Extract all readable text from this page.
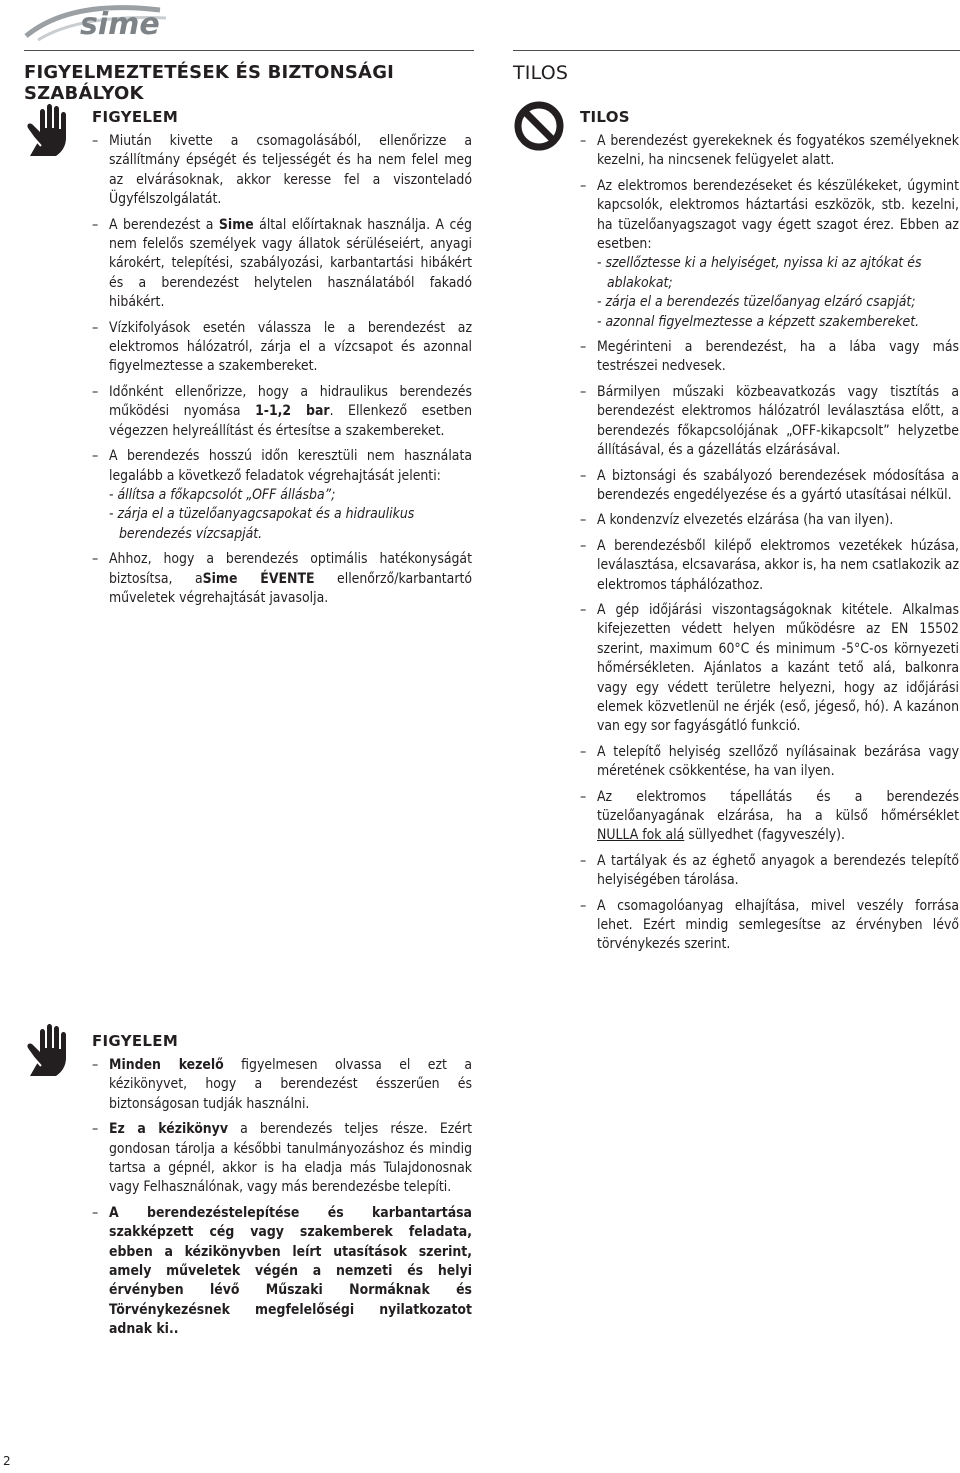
sime
FIGYELMEZTETÉSEK ÉS BIZTONSÁGI SZABÁLYOK
TILOS
FIGYELEM
– Miután kivette a csomagolásából, ellenőrizze a szállítmány épségét és teljességét és ha nem felel meg az elvárásoknak, akkor keresse fel a viszonteladó Ügyfélszolgálatát.
– A berendezést a Sime által előírtaknak használja. A cég nem felelős személyek vagy állatok sérüléseiért, anyagi károkért, telepítési, szabályozási, karbantartási hibákért és a berendezést helytelen használatából fakadó hibákért.
– Vízkifolyások esetén válassza le a berendezést az elektromos hálózatról, zárja el a vízcsapot és azonnal figyelmeztesse a szakembereket.
– Időnként ellenőrizze, hogy a hidraulikus berendezés működési nyomása 1-1,2 bar. Ellenkező esetben végezzen helyreállítást és értesítse a szakembereket.
– A berendezés hosszú időn keresztüli nem használata legalább a következő feladatok végrehajtását jelenti:
- állítsa a főkapcsolót „OFF állásba”;
- zárja el a tüzelőanyagcsapokat és a hidraulikus
berendezés vízcsapját.
– Ahhoz, hogy a berendezés optimális hatékonyságát biztosítsa, aSime ÉVENTE ellenőrző/karbantartó műveletek végrehajtását javasolja.
FIGYELEM
– Minden kezelő figyelmesen olvassa el ezt a kézikönyvet, hogy a berendezést ésszerűen és biztonságosan tudják használni.
– Ez a kézikönyv a berendezés teljes része. Ezért gondosan tárolja a későbbi tanulmányozáshoz és mindig tartsa a gépnél, akkor is ha eladja más Tulajdonosnak vagy Felhasználónak, vagy más berendezésbe telepíti.
– A berendezéstelepítése és karbantartása szakképzett cég vagy szakemberek feladata, ebben a kézikönyvben leírt utasítások szerint, amely műveletek végén a nemzeti és helyi érvényben lévő Műszaki Normáknak és Törvénykezésnek megfelelőségi nyilatkozatot adnak ki..
TILOS
– A berendezést gyerekeknek és fogyatékos személyeknek kezelni, ha nincsenek felügyelet alatt.
– Az elektromos berendezéseket és készülékeket, úgymint kapcsolók, elektromos háztartási eszközök, stb. kezelni, ha tüzelőanyagszagot vagy égett szagot érez. Ebben az esetben:
- szellőztesse ki a helyiséget, nyissa ki az ajtókat és
ablakokat;
- zárja el a berendezés tüzelőanyag elzáró csapját;
- azonnal figyelmeztesse a képzett szakembereket.
– Megérinteni a berendezést, ha a lába vagy más testrészei nedvesek.
– Bármilyen műszaki közbeavatkozás vagy tisztítás a berendezést elektromos hálózatról leválasztása előtt, a berendezés főkapcsolójának „OFF-kikapcsolt” helyzetbe állításával, és a gázellátás elzárásával.
– A biztonsági és szabályozó berendezések módosítása a berendezés engedélyezése és a gyártó utasításai nélkül.
– A kondenzvíz elvezetés elzárása (ha van ilyen).
– A berendezésből kilépő elektromos vezetékek húzása, leválasztása, elcsavarása, akkor is, ha nem csatlakozik az elektromos táphálózathoz.
– A gép időjárási viszontagságoknak kitétele. Alkalmas kifejezetten védett helyen működésre az EN 15502 szerint, maximum 60°C és minimum -5°C-os környezeti hőmérsékleten. Ajánlatos a kazánt tető alá, balkonra vagy egy védett területre helyezni, hogy az időjárási elemek közvetlenül ne érjék (eső, jégeső, hó). A kazánon van egy sor fagyásgátló funkció.
– A telepítő helyiség szellőző nyílásainak bezárása vagy méretének csökkentése, ha van ilyen.
– Az elektromos tápellátás és a berendezés tüzelőanyagának elzárása, ha a külső hőmérséklet NULLA fok alá süllyedhet (fagyveszély).
– A tartályak és az éghető anyagok a berendezés telepítő helyiségében tárolása.
– A csomagolóanyag elhajítása, mivel veszély forrása lehet. Ezért mindig semlegesítse az érvényben lévő törvénykezés szerint.
2
